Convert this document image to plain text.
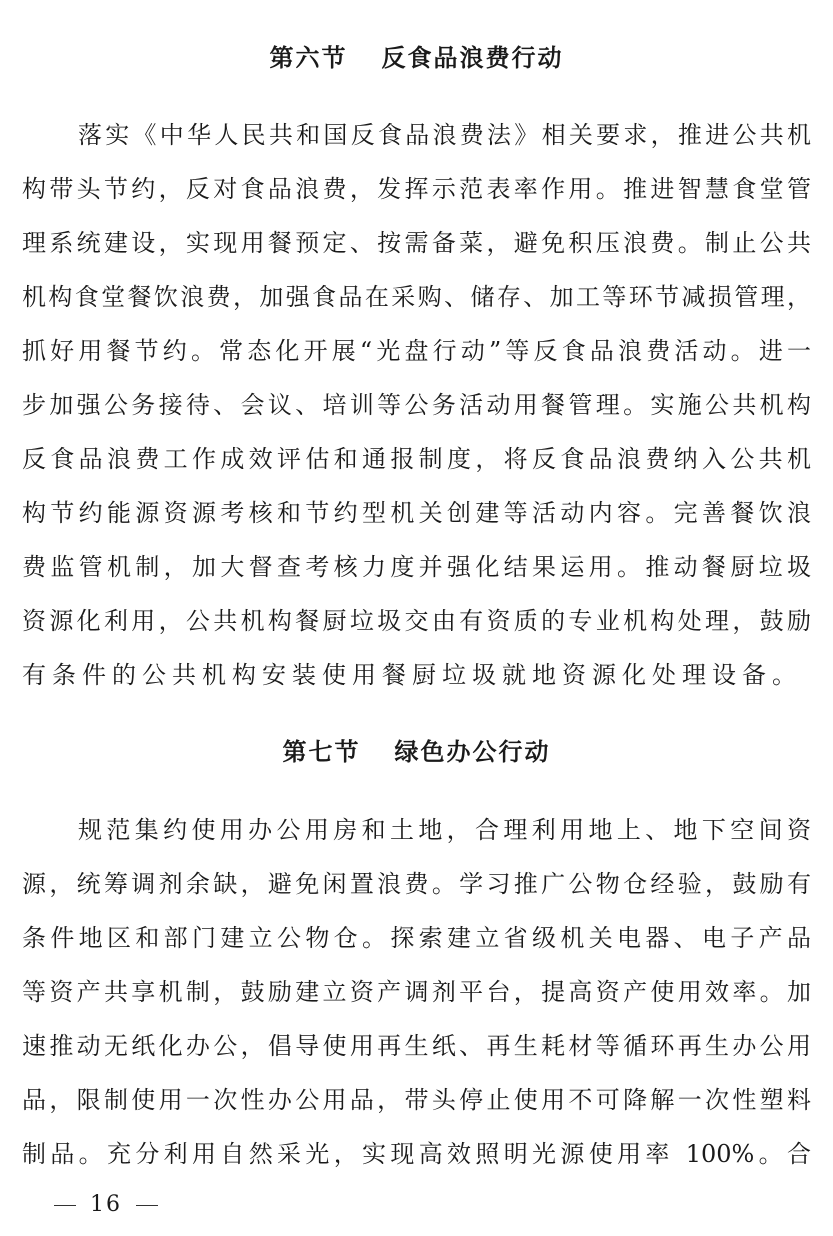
第六节 反食品浪费行动
落实《中华人民共和国反食品浪费法》相关要求，推进公共机
构带头节约，反对食品浪费，发挥示范表率作用。推进智慧食堂管
理系统建设，实现用餐预定、按需备菜，避免积压浪费。制止公共
机构食堂餐饮浪费，加强食品在采购、储存、加工等环节减损管理，
抓好用餐节约。常态化开展“光盘行动”等反食品浪费活动。进一
步加强公务接待、会议、培训等公务活动用餐管理。实施公共机构
反食品浪费工作成效评估和通报制度，将反食品浪费纳入公共机
构节约能源资源考核和节约型机关创建等活动内容。完善餐饮浪
费监管机制，加大督查考核力度并强化结果运用。推动餐厨垃圾
资源化利用，公共机构餐厨垃圾交由有资质的专业机构处理，鼓励
有条件的公共机构安装使用餐厨垃圾就地资源化处理设备。
第七节 绿色办公行动
规范集约使用办公用房和土地，合理利用地上、地下空间资
源，统筹调剂余缺，避免闲置浪费。学习推广公物仓经验，鼓励有
条件地区和部门建立公物仓。探索建立省级机关电器、电子产品
等资产共享机制，鼓励建立资产调剂平台，提高资产使用效率。加
速推动无纸化办公，倡导使用再生纸、再生耗材等循环再生办公用
品，限制使用一次性办公用品，带头停止使用不可降解一次性塑料
制品。充分利用自然采光，实现高效照明光源使用率 100%。合
16
